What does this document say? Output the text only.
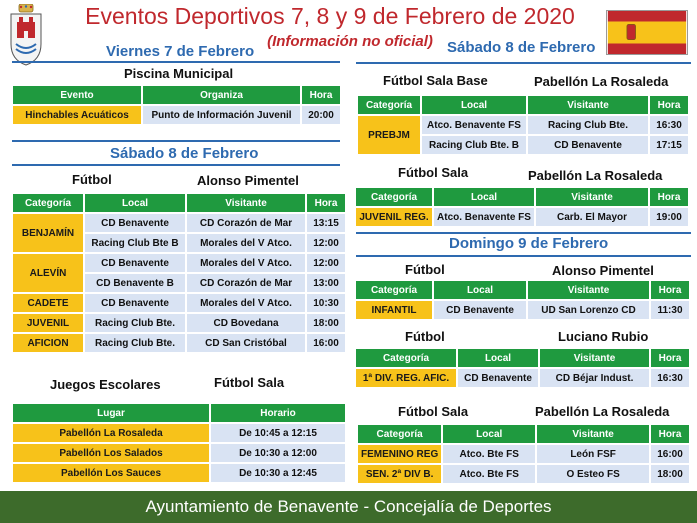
Eventos Deportivos 7, 8 y 9 de Febrero de 2020
(Información no oficial)
Viernes 7 de Febrero
Piscina Municipal
Evento	Organiza	Hora
Hinchables Acuáticos	Punto de Información Juvenil	20:00
Sábado 8 de Febrero
Fútbol	Alonso Pimentel
Categoría	Local	Visitante	Hora
BENJAMÍN	CD Benavente	CD Corazón de Mar	13:15
	Racing Club Bte B	Morales del V Atco.	12:00
ALEVÍN	CD Benavente	Morales del V Atco.	12:00
	CD Benavente B	CD Corazón de Mar	13:00
CADETE	CD Benavente	Morales del V Atco.	10:30
JUVENIL	Racing Club Bte.	CD Bovedana	18:00
AFICION	Racing Club Bte.	CD San Cristóbal	16:00
Juegos Escolares	Fútbol Sala
Lugar	Horario
Pabellón La Rosaleda	De 10:45 a 12:15
Pabellón Los Salados	De 10:30 a 12:00
Pabellón Los Sauces	De 10:30 a 12:45
Sábado 8 de Febrero
Fútbol Sala Base	Pabellón La Rosaleda
Categoría	Local	Visitante	Hora
PREBJM	Atco. Benavente FS	Racing Club Bte.	16:30
	Racing Club Bte. B	CD Benavente	17:15
Fútbol Sala	Pabellón La Rosaleda
Categoría	Local	Visitante	Hora
JUVENIL REG.	Atco. Benavente FS	Carb. El Mayor	19:00
Domingo 9 de Febrero
Fútbol	Alonso Pimentel
Categoría	Local	Visitante	Hora
INFANTIL	CD Benavente	UD San Lorenzo CD	11:30
Fútbol	Luciano Rubio
Categoría	Local	Visitante	Hora
1ª DIV. REG. AFIC.	CD Benavente	CD Béjar Indust.	16:30
Fútbol Sala	Pabellón La Rosaleda
Categoría	Local	Visitante	Hora
FEMENINO REG	Atco. Bte FS	León FSF	16:00
SEN. 2ª DIV B.	Atco. Bte FS	O Esteo FS	18:00
Ayuntamiento de Benavente - Concejalía de Deportes
